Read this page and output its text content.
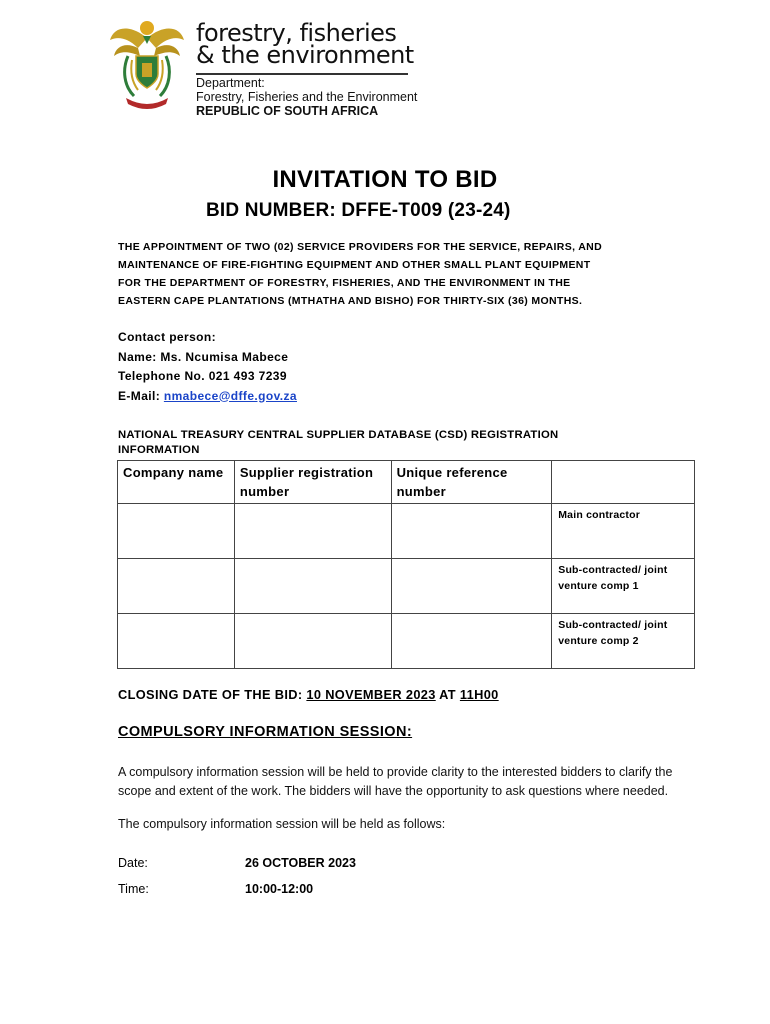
forestry, fisheries
& the environment
Department:
Forestry, Fisheries and the Environment
REPUBLIC OF SOUTH AFRICA
INVITATION TO BID
BID NUMBER: DFFE-T009 (23-24)
THE APPOINTMENT OF TWO (02) SERVICE PROVIDERS FOR THE SERVICE, REPAIRS, AND
MAINTENANCE OF FIRE-FIGHTING EQUIPMENT AND OTHER SMALL PLANT EQUIPMENT
FOR THE DEPARTMENT OF FORESTRY, FISHERIES, AND THE ENVIRONMENT IN THE
EASTERN CAPE PLANTATIONS (MTHATHA AND BISHO) FOR THIRTY-SIX (36) MONTHS.
Contact person:
Name: Ms. Ncumisa Mabece
Telephone No. 021 493 7239
E-Mail: nmabece@dffe.gov.za
NATIONAL TREASURY CENTRAL SUPPLIER DATABASE (CSD) REGISTRATION
INFORMATION
Company name	Supplier registration number	Unique reference number	
			Main contractor
			Sub-contracted/ joint venture comp 1
			Sub-contracted/ joint venture comp 2
CLOSING DATE OF THE BID: 10 NOVEMBER 2023 AT 11H00
COMPULSORY INFORMATION SESSION:
A compulsory information session will be held to provide clarity to the interested bidders to clarify the
scope and extent of the work. The bidders will have the opportunity to ask questions where needed.
The compulsory information session will be held as follows:
Date:	26 OCTOBER 2023
Time:	10:00-12:00
